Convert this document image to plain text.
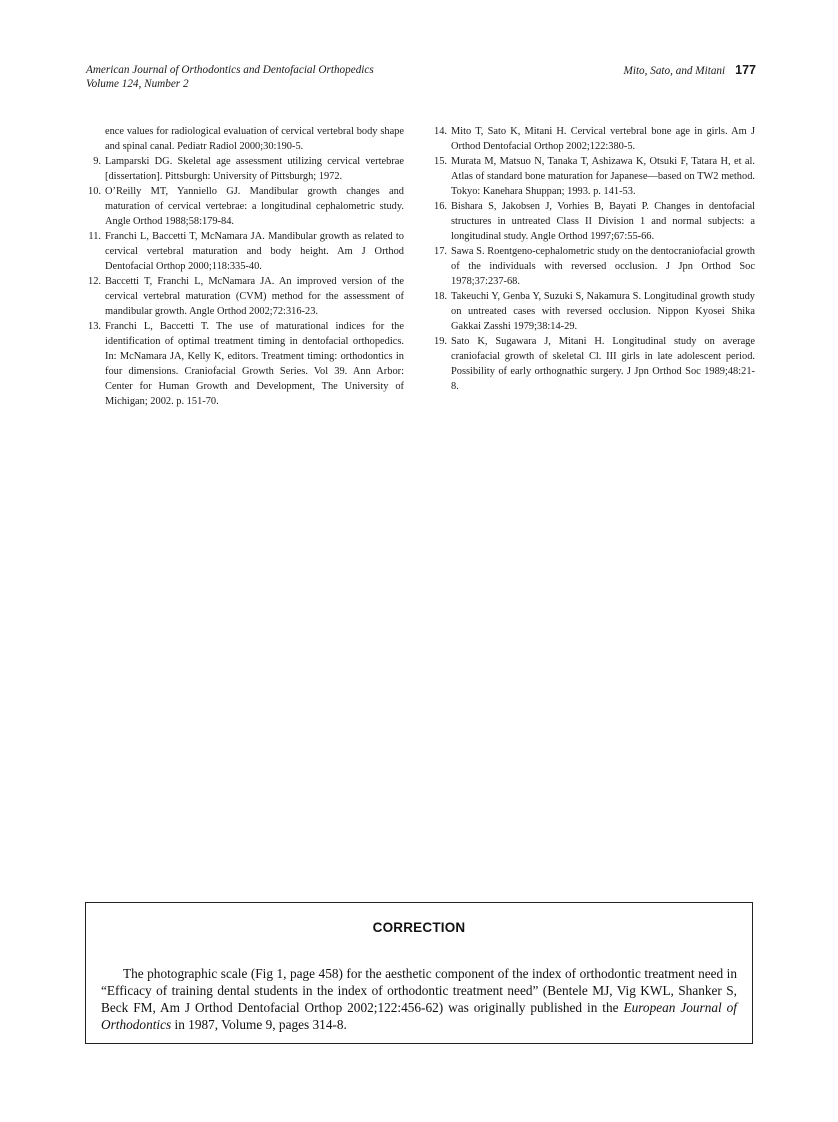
American Journal of Orthodontics and Dentofacial Orthopedics
Volume 124, Number 2
Mito, Sato, and Mitani 177
ence values for radiological evaluation of cervical vertebral body shape and spinal canal. Pediatr Radiol 2000;30:190-5.
9. Lamparski DG. Skeletal age assessment utilizing cervical vertebrae [dissertation]. Pittsburgh: University of Pittsburgh; 1972.
10. O’Reilly MT, Yanniello GJ. Mandibular growth changes and maturation of cervical vertebrae: a longitudinal cephalometric study. Angle Orthod 1988;58:179-84.
11. Franchi L, Baccetti T, McNamara JA. Mandibular growth as related to cervical vertebral maturation and body height. Am J Orthod Dentofacial Orthop 2000;118:335-40.
12. Baccetti T, Franchi L, McNamara JA. An improved version of the cervical vertebral maturation (CVM) method for the assessment of mandibular growth. Angle Orthod 2002;72:316-23.
13. Franchi L, Baccetti T. The use of maturational indices for the identification of optimal treatment timing in dentofacial orthopedics. In: McNamara JA, Kelly K, editors. Treatment timing: orthodontics in four dimensions. Craniofacial Growth Series. Vol 39. Ann Arbor: Center for Human Growth and Development, The University of Michigan; 2002. p. 151-70.
14. Mito T, Sato K, Mitani H. Cervical vertebral bone age in girls. Am J Orthod Dentofacial Orthop 2002;122:380-5.
15. Murata M, Matsuo N, Tanaka T, Ashizawa K, Otsuki F, Tatara H, et al. Atlas of standard bone maturation for Japanese—based on TW2 method. Tokyo: Kanehara Shuppan; 1993. p. 141-53.
16. Bishara S, Jakobsen J, Vorhies B, Bayati P. Changes in dentofacial structures in untreated Class II Division 1 and normal subjects: a longitudinal study. Angle Orthod 1997;67:55-66.
17. Sawa S. Roentgeno-cephalometric study on the dentocraniofacial growth of the individuals with reversed occlusion. J Jpn Orthod Soc 1978;37:237-68.
18. Takeuchi Y, Genba Y, Suzuki S, Nakamura S. Longitudinal growth study on untreated cases with reversed occlusion. Nippon Kyosei Shika Gakkai Zasshi 1979;38:14-29.
19. Sato K, Sugawara J, Mitani H. Longitudinal study on average craniofacial growth of skeletal Cl. III girls in late adolescent period. Possibility of early orthognathic surgery. J Jpn Orthod Soc 1989;48:21-8.
CORRECTION

The photographic scale (Fig 1, page 458) for the aesthetic component of the index of orthodontic treatment need in “Efficacy of training dental students in the index of orthodontic treatment need” (Bentele MJ, Vig KWL, Shanker S, Beck FM, Am J Orthod Dentofacial Orthop 2002;122:456-62) was originally published in the European Journal of Orthodontics in 1987, Volume 9, pages 314-8.
